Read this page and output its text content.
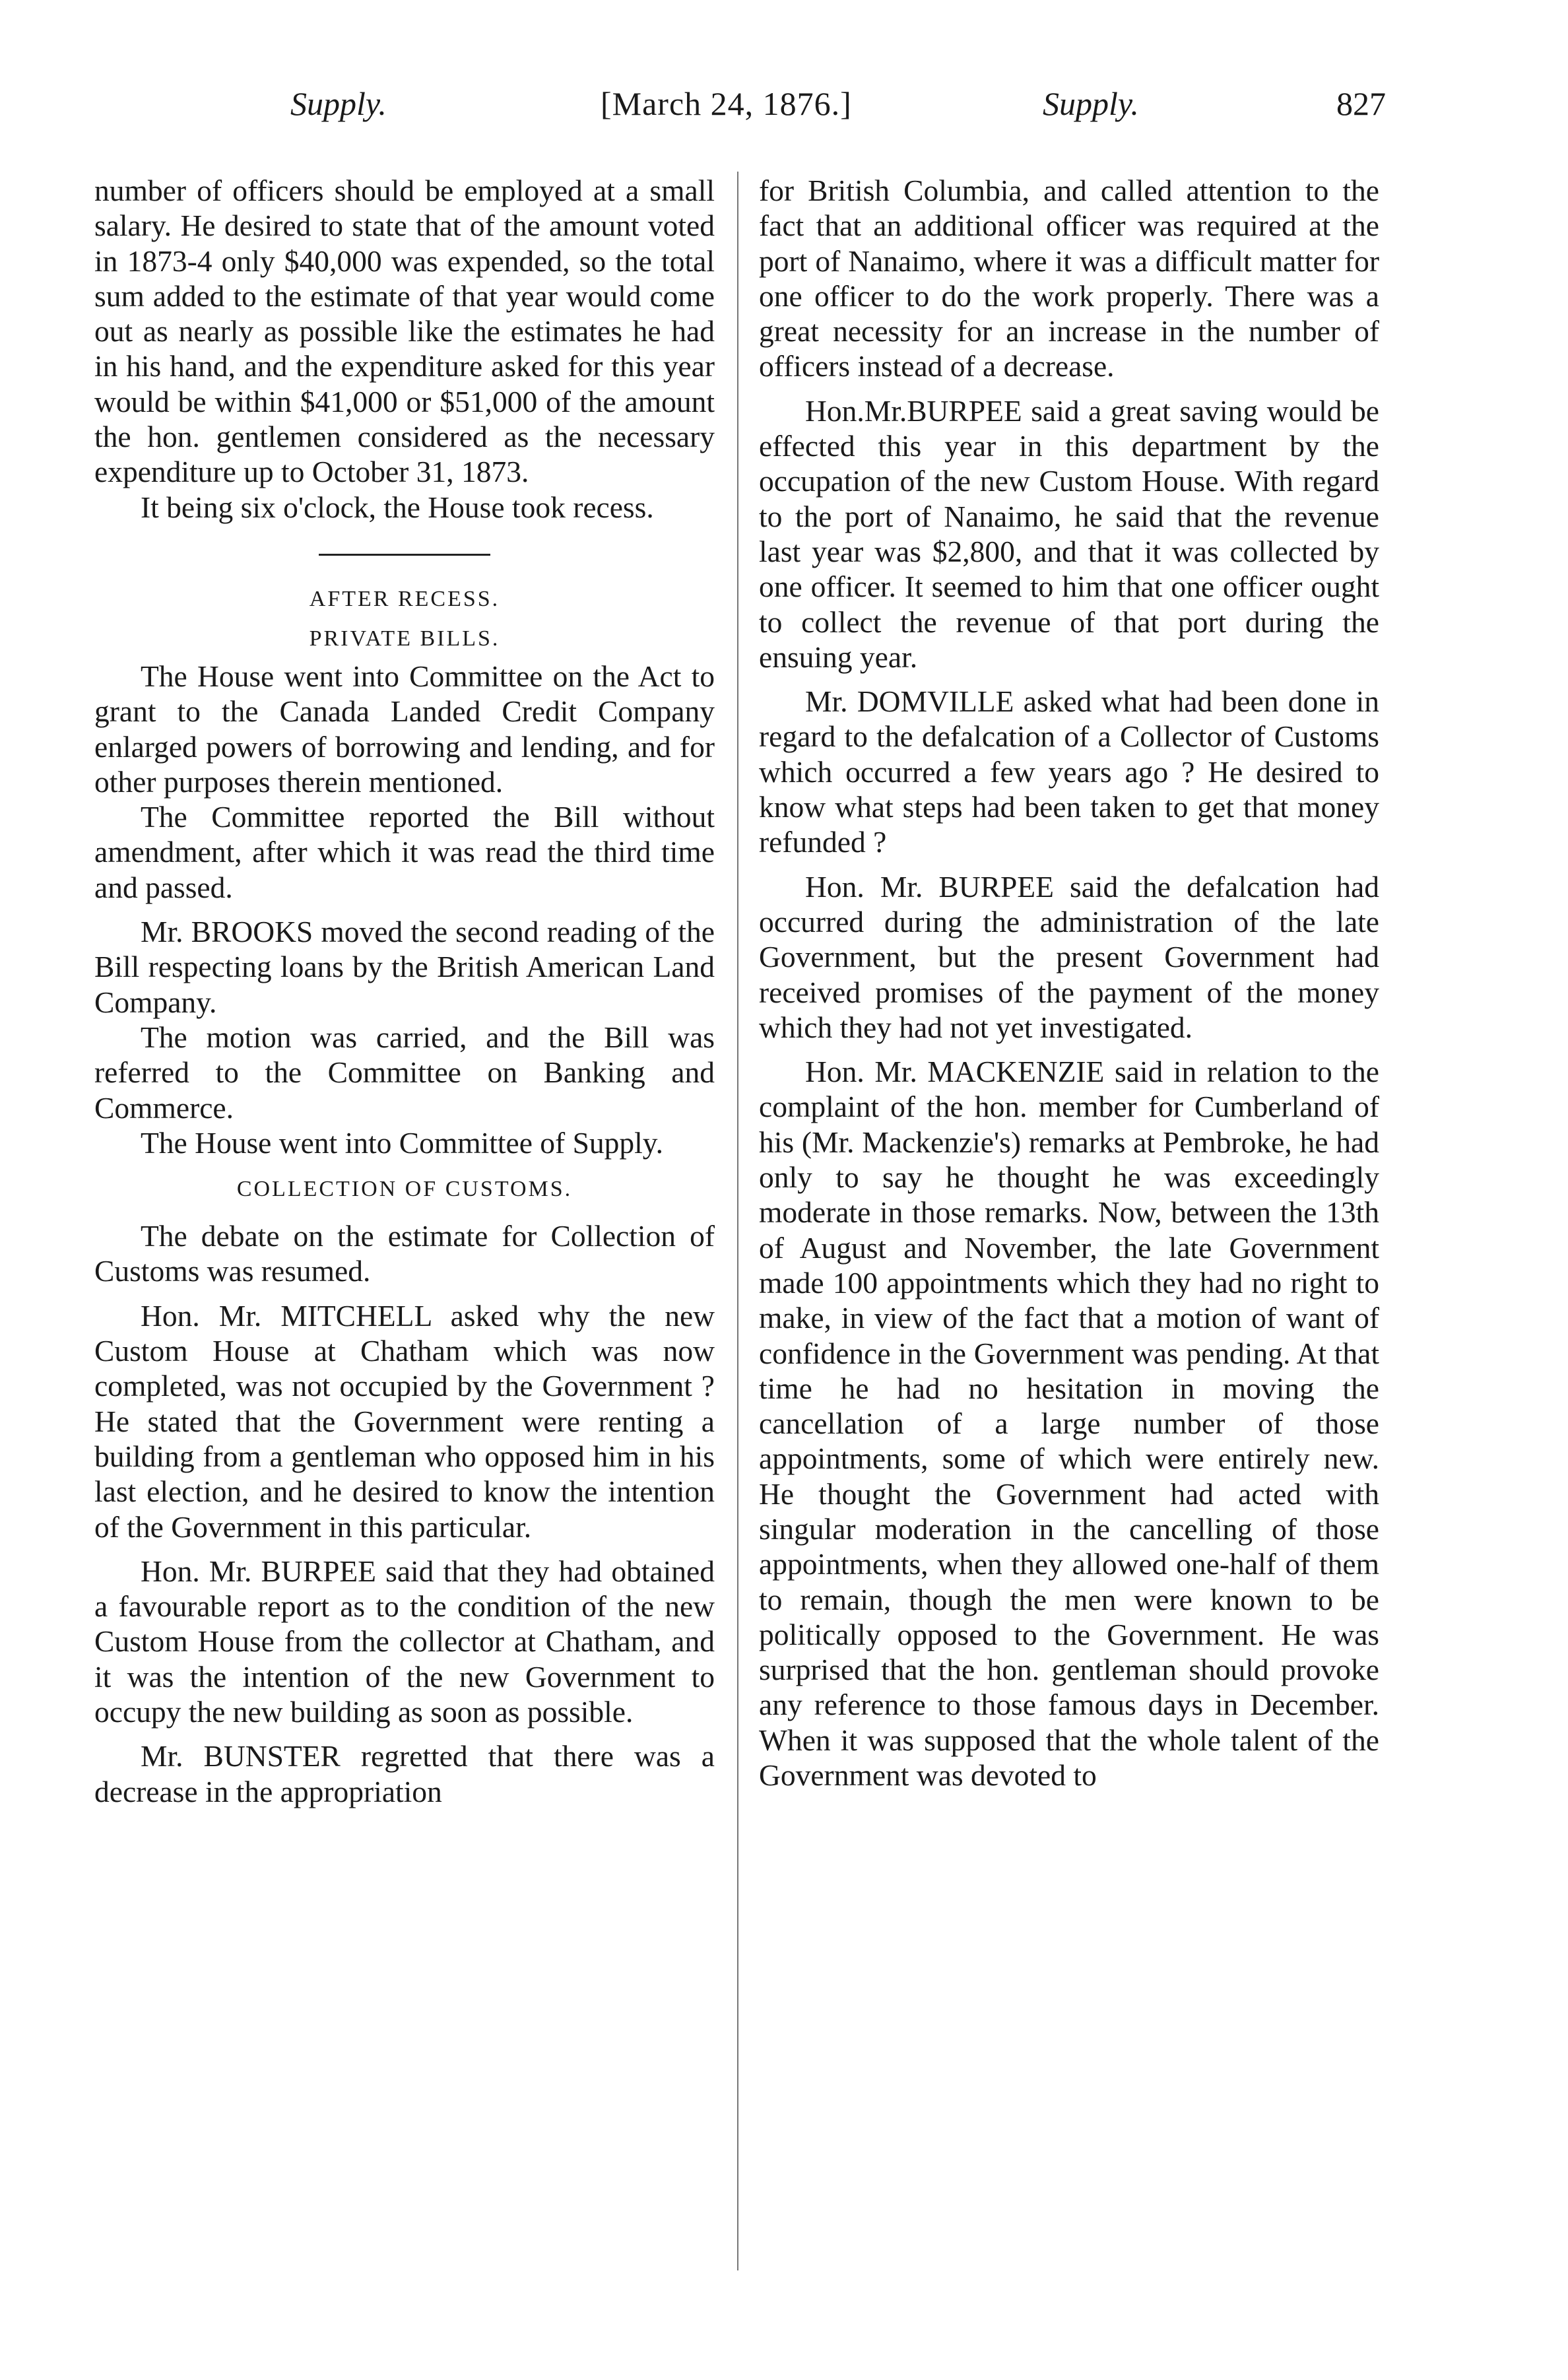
Supply.	[March 24, 1876.]	Supply.	827

number of officers should be employed at a small salary. He desired to state that of the amount voted in 1873-4 only $40,000 was expended, so the total sum added to the estimate of that year would come out as nearly as possible like the estimates he had in his hand, and the expenditure asked for this year would be within $41,000 or $51,000 of the amount the hon. gentlemen considered as the necessary expenditure up to October 31, 1873.

It being six o'clock, the House took recess.

AFTER RECESS.

PRIVATE BILLS.

The House went into Committee on the Act to grant to the Canada Landed Credit Company enlarged powers of borrowing and lending, and for other purposes therein mentioned.

The Committee reported the Bill without amendment, after which it was read the third time and passed.

Mr. BROOKS moved the second reading of the Bill respecting loans by the British American Land Company.

The motion was carried, and the Bill was referred to the Committee on Banking and Commerce.

The House went into Committee of Supply.

COLLECTION OF CUSTOMS.

The debate on the estimate for Collection of Customs was resumed.

Hon. Mr. MITCHELL asked why the new Custom House at Chatham which was now completed, was not occupied by the Government ? He stated that the Government were renting a building from a gentleman who opposed him in his last election, and he desired to know the intention of the Government in this particular.

Hon. Mr. BURPEE said that they had obtained a favourable report as to the condition of the new Custom House from the collector at Chatham, and it was the intention of the new Government to occupy the new building as soon as possible.

Mr. BUNSTER regretted that there was a decrease in the appropriation

for British Columbia, and called attention to the fact that an additional officer was required at the port of Nanaimo, where it was a difficult matter for one officer to do the work properly. There was a great necessity for an increase in the number of officers instead of a decrease.

Hon.Mr.BURPEE said a great saving would be effected this year in this department by the occupation of the new Custom House. With regard to the port of Nanaimo, he said that the revenue last year was $2,800, and that it was collected by one officer. It seemed to him that one officer ought to collect the revenue of that port during the ensuing year.

Mr. DOMVILLE asked what had been done in regard to the defalcation of a Collector of Customs which occurred a few years ago ? He desired to know what steps had been taken to get that money refunded ?

Hon. Mr. BURPEE said the defalcation had occurred during the administration of the late Government, but the present Government had received promises of the payment of the money which they had not yet investigated.

Hon. Mr. MACKENZIE said in relation to the complaint of the hon. member for Cumberland of his (Mr. Mackenzie's) remarks at Pembroke, he had only to say he thought he was exceedingly moderate in those remarks. Now, between the 13th of August and November, the late Government made 100 appointments which they had no right to make, in view of the fact that a motion of want of confidence in the Government was pending. At that time he had no hesitation in moving the cancellation of a large number of those appointments, some of which were entirely new. He thought the Government had acted with singular moderation in the cancelling of those appointments, when they allowed one-half of them to remain, though the men were known to be politically opposed to the Government. He was surprised that the hon. gentleman should provoke any reference to those famous days in December. When it was supposed that the whole talent of the Government was devoted to
